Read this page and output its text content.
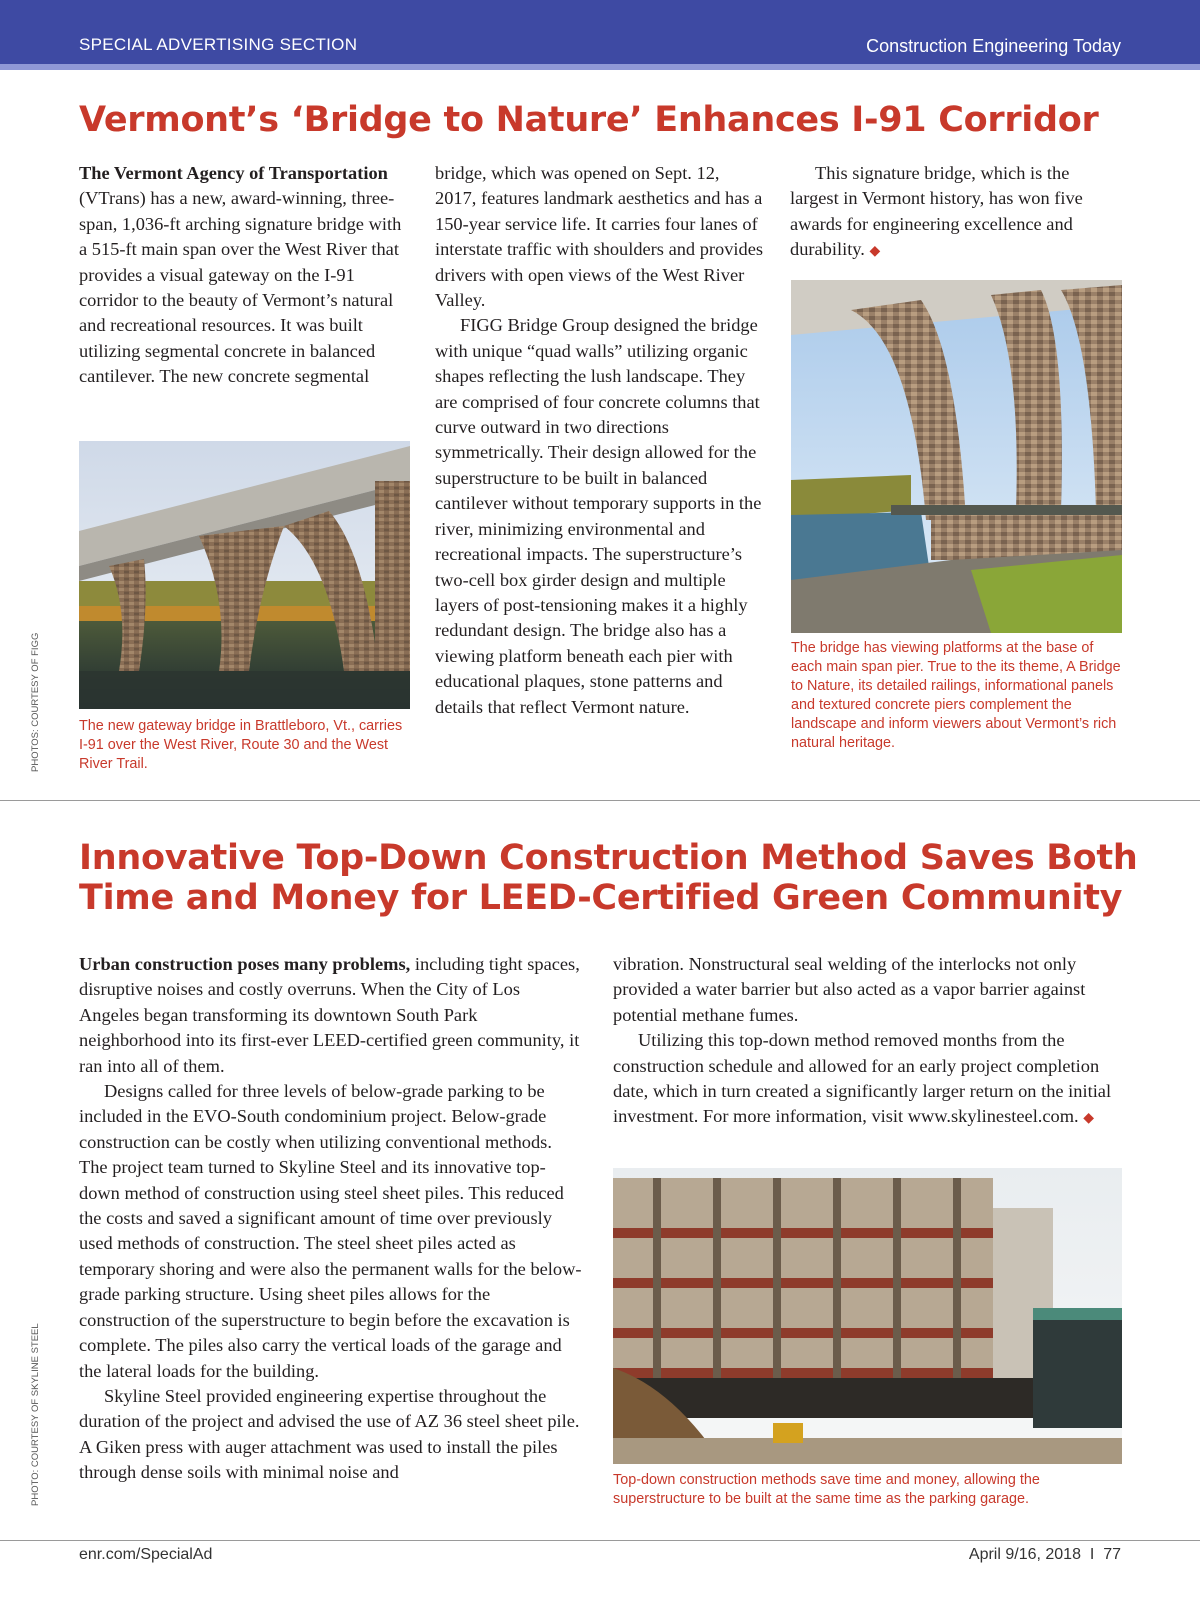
SPECIAL ADVERTISING SECTION	Construction Engineering Today
Vermont’s ‘Bridge to Nature’ Enhances I-91 Corridor

The Vermont Agency of Transportation (VTrans) has a new, award-winning, three-span, 1,036-ft arching signature bridge with a 515-ft main span over the West River that provides a visual gateway on the I-91 corridor to the beauty of Vermont’s natural and recreational resources. It was built utilizing segmental concrete in balanced cantilever. The new concrete segmental

The new gateway bridge in Brattleboro, Vt., carries I-91 over the West River, Route 30 and the West River Trail.

bridge, which was opened on Sept. 12, 2017, features landmark aesthetics and has a 150-year service life. It carries four lanes of interstate traffic with shoulders and provides drivers with open views of the West River Valley.

FIGG Bridge Group designed the bridge with unique “quad walls” utilizing organic shapes reflecting the lush landscape. They are comprised of four concrete columns that curve outward in two directions symmetrically. Their design allowed for the superstructure to be built in balanced cantilever without temporary supports in the river, minimizing environmental and recreational impacts. The superstructure’s two-cell box girder design and multiple layers of post-tensioning makes it a highly redundant design. The bridge also has a viewing platform beneath each pier with educational plaques, stone patterns and details that reflect Vermont nature.

This signature bridge, which is the largest in Vermont history, has won five awards for engineering excellence and durability. ◆

The bridge has viewing platforms at the base of each main span pier. True to the its theme, A Bridge to Nature, its detailed railings, informational panels and textured concrete piers complement the landscape and inform viewers about Vermont’s rich natural heritage.
PHOTOS: COURTESY OF FIGG
Innovative Top-Down Construction Method Saves Both Time and Money for LEED-Certified Green Community

Urban construction poses many problems, including tight spaces, disruptive noises and costly overruns. When the City of Los Angeles began transforming its downtown South Park neighborhood into its first-ever LEED-certified green community, it ran into all of them.

Designs called for three levels of below-grade parking to be included in the EVO-South condominium project. Below-grade construction can be costly when utilizing conventional methods. The project team turned to Skyline Steel and its innovative top-down method of construction using steel sheet piles. This reduced the costs and saved a significant amount of time over previously used methods of construction. The steel sheet piles acted as temporary shoring and were also the permanent walls for the below-grade parking structure. Using sheet piles allows for the construction of the superstructure to begin before the excavation is complete. The piles also carry the vertical loads of the garage and the lateral loads for the building.

Skyline Steel provided engineering expertise throughout the duration of the project and advised the use of AZ 36 steel sheet pile. A Giken press with auger attachment was used to install the piles through dense soils with minimal noise and

vibration. Nonstructural seal welding of the interlocks not only provided a water barrier but also acted as a vapor barrier against potential methane fumes.

Utilizing this top-down method removed months from the construction schedule and allowed for an early project completion date, which in turn created a significantly larger return on the initial investment. For more information, visit www.skylinesteel.com. ◆

Top-down construction methods save time and money, allowing the superstructure to be built at the same time as the parking garage.
PHOTO: COURTESY OF SKYLINE STEEL
enr.com/SpecialAd	April 9/16, 2018  I  77
